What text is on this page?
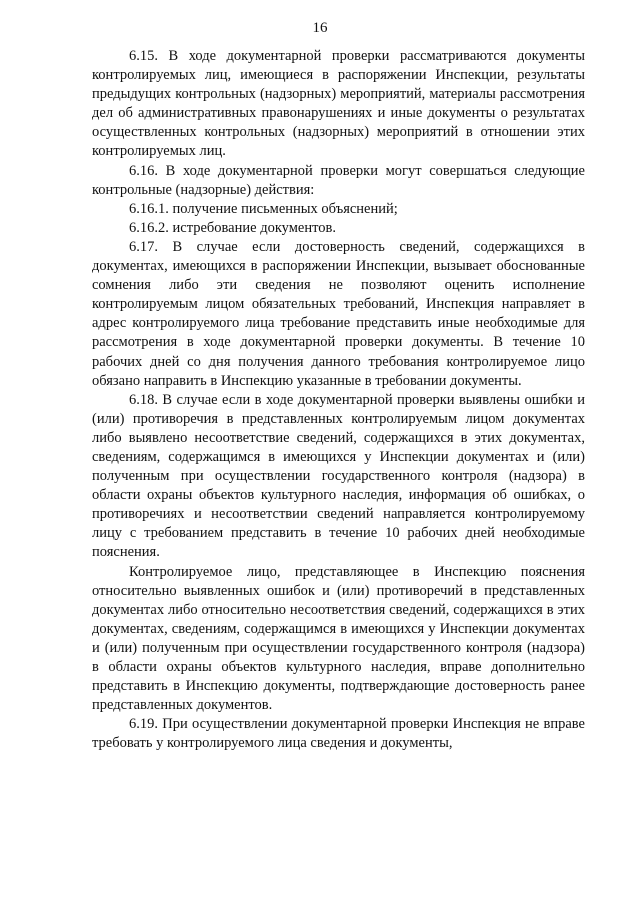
16

6.15. В ходе документарной проверки рассматриваются документы контролируемых лиц, имеющиеся в распоряжении Инспекции, результаты предыдущих контрольных (надзорных) мероприятий, материалы рассмотрения дел об административных правонарушениях и иные документы о результатах осуществленных контрольных (надзорных) мероприятий в отношении этих контролируемых лиц.

6.16. В ходе документарной проверки могут совершаться следующие контрольные (надзорные) действия:

6.16.1. получение письменных объяснений;

6.16.2. истребование документов.

6.17. В случае если достоверность сведений, содержащихся в документах, имеющихся в распоряжении Инспекции, вызывает обоснованные сомнения либо эти сведения не позволяют оценить исполнение контролируемым лицом обязательных требований, Инспекция направляет в адрес контролируемого лица требование представить иные необходимые для рассмотрения в ходе документарной проверки документы. В течение 10 рабочих дней со дня получения данного требования контролируемое лицо обязано направить в Инспекцию указанные в требовании документы.

6.18. В случае если в ходе документарной проверки выявлены ошибки и (или) противоречия в представленных контролируемым лицом документах либо выявлено несоответствие сведений, содержащихся в этих документах, сведениям, содержащимся в имеющихся у Инспекции документах и (или) полученным при осуществлении государственного контроля (надзора) в области охраны объектов культурного наследия, информация об ошибках, о противоречиях и несоответствии сведений направляется контролируемому лицу с требованием представить в течение 10 рабочих дней необходимые пояснения.

Контролируемое лицо, представляющее в Инспекцию пояснения относительно выявленных ошибок и (или) противоречий в представленных документах либо относительно несоответствия сведений, содержащихся в этих документах, сведениям, содержащимся в имеющихся у Инспекции документах и (или) полученным при осуществлении государственного контроля (надзора) в области охраны объектов культурного наследия, вправе дополнительно представить в Инспекцию документы, подтверждающие достоверность ранее представленных документов.

6.19. При осуществлении документарной проверки Инспекция не вправе требовать у контролируемого лица сведения и документы,
